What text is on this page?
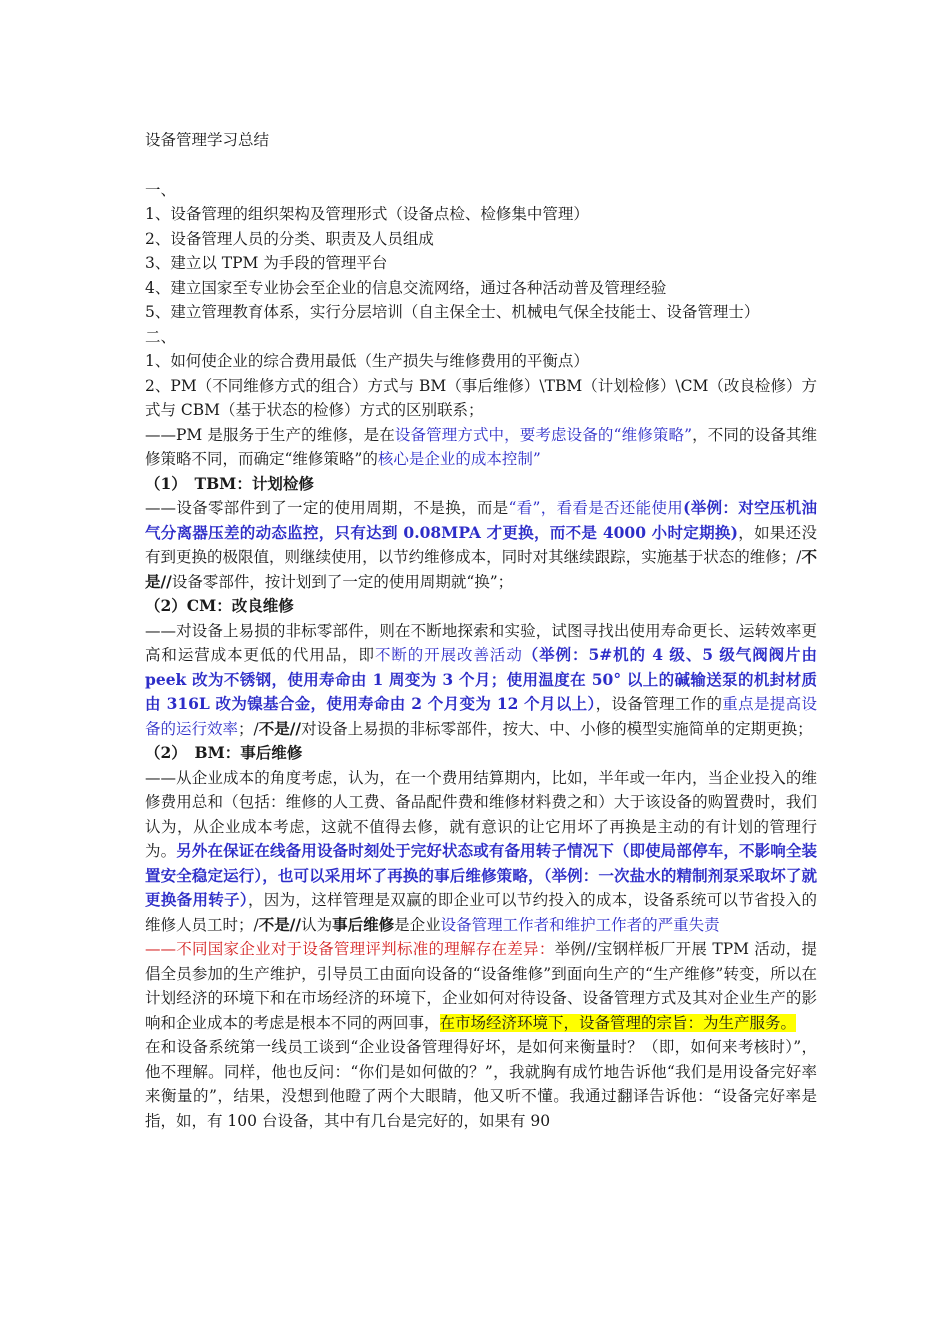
设备管理学习总结
一、
1、设备管理的组织架构及管理形式（设备点检、检修集中管理）
2、设备管理人员的分类、职责及人员组成
3、建立以 TPM 为手段的管理平台
4、建立国家至专业协会至企业的信息交流网络，通过各种活动普及管理经验
5、建立管理教育体系，实行分层培训（自主保全士、机械电气保全技能士、设备管理士）
二、
1、如何使企业的综合费用最低（生产损失与维修费用的平衡点）
2、PM（不同维修方式的组合）方式与 BM（事后维修）\TBM（计划检修）\CM（改良检修）方式与 CBM（基于状态的检修）方式的区别联系；
——PM 是服务于生产的维修，是在设备管理方式中，要考虑设备的“维修策略”，不同的设备其维修策略不同，而确定“维修策略”的核心是企业的成本控制”
（1）　TBM：计划检修
——设备零部件到了一定的使用周期，不是换，而是“看”，看看是否还能使用(举例：对空压机油气分离器压差的动态监控，只有达到 0.08MPA 才更换，而不是 4000 小时定期换)，如果还没有到更换的极限值，则继续使用，以节约维修成本，同时对其继续跟踪，实施基于状态的维修；/不是//设备零部件，按计划到了一定的使用周期就“换”；
（2）CM：改良维修
——对设备上易损的非标零部件，则在不断地探索和实验，试图寻找出使用寿命更长、运转效率更高和运营成本更低的代用品，即不断的开展改善活动（举例：5#机的 4 级、5 级气阀阀片由 peek 改为不锈钢，使用寿命由 1 周变为 3 个月；使用温度在 50° 以上的碱输送泵的机封材质由 316L 改为镍基合金，使用寿命由 2 个月变为 12 个月以上），设备管理工作的重点是提高设备的运行效率；/不是//对设备上易损的非标零部件，按大、中、小修的模型实施简单的定期更换；
（2）　BM：事后维修
——从企业成本的角度考虑，认为，在一个费用结算期内，比如，半年或一年内，当企业投入的维修费用总和（包括：维修的人工费、备品配件费和维修材料费之和）大于该设备的购置费时，我们认为，从企业成本考虑，这就不值得去修，就有意识的让它用坏了再换是主动的有计划的管理行为。另外在保证在线备用设备时刻处于完好状态或有备用转子情况下（即使局部停车，不影响全装置安全稳定运行），也可以采用坏了再换的事后维修策略，（举例：一次盐水的精制剂泵采取坏了就更换备用转子），因为，这样管理是双赢的即企业可以节约投入的成本，设备系统可以节省投入的维修人员工时；/不是//认为事后维修是企业设备管理工作者和维护工作者的严重失责
——不同国家企业对于设备管理评判标准的理解存在差异：举例//宝钢样板厂开展 TPM 活动，提倡全员参加的生产维护，引导员工由面向设备的“设备维修”到面向生产的“生产维修”转变，所以在计划经济的环境下和在市场经济的环境下，企业如何对待设备、设备管理方式及其对企业生产的影响和企业成本的考虑是根本不同的两回事，在市场经济环境下，设备管理的宗旨：为生产服务。
在和设备系统第一线员工谈到“企业设备管理得好坏，是如何来衡量时？（即，如何来考核时）”，他不理解。同样，他也反问：“你们是如何做的？”，我就胸有成竹地告诉他“我们是用设备完好率来衡量的”，结果，没想到他瞪了两个大眼睛，他又听不懂。我通过翻译告诉他：“设备完好率是指，如，有 100 台设备，其中有几台是完好的，如果有 90
